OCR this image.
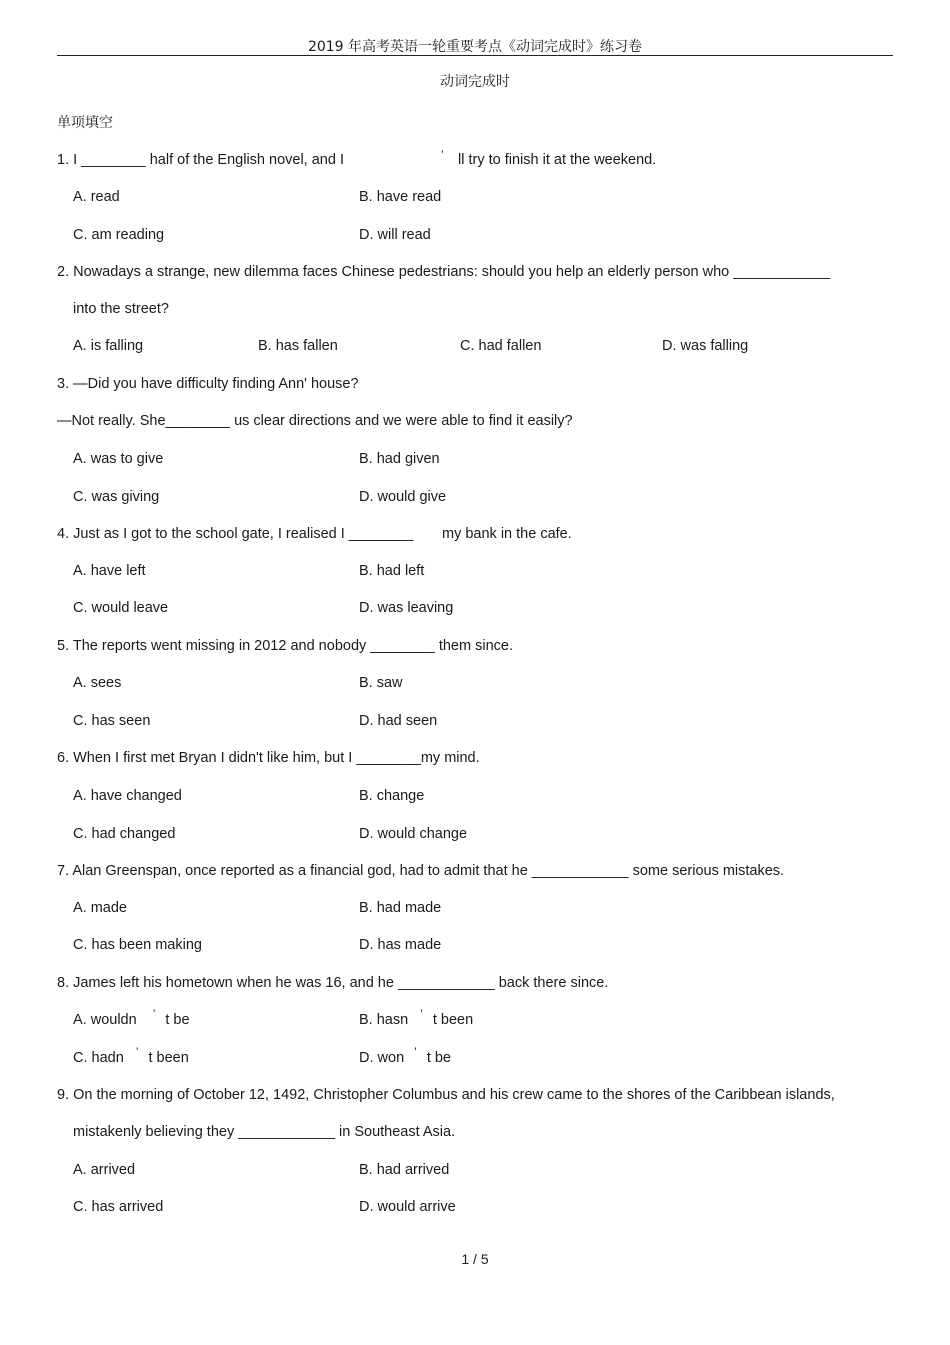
2019 年高考英语一轮重要考点《动词完成时》练习卷
动词完成时
单项填空
1. I ________ half of the English novel, and I	’ ll try to finish it at the weekend.
A. read	B. have read
C. am reading	D. will read
2. Nowadays a strange, new dilemma faces Chinese pedestrians: should you help an elderly person who ____________
into the street?
A. is falling	B. has fallen	C. had fallen	D. was falling
3. —Did you have difficulty finding Ann' house?
—Not really. She________ us clear directions and we were able to find it easily?
A. was to give	B. had given
C. was giving	D. would give
4. Just as I got to the school gate, I realised I ________ my bank in the cafe.
A. have left	B. had left
C. would leave	D. was leaving
5. The reports went missing in 2012 and nobody ________ them since.
A. sees	B. saw
C. has seen	D. had seen
6. When I first met Bryan I didn't like him, but I ________my mind.
A. have changed	B. change
C. had changed	D. would change
7. Alan Greenspan, once reported as a financial god, had to admit that he ____________ some serious mistakes.
A. made	B. had made
C. has been making	D. has made
8. James left his hometown when he was 16, and he ____________ back there since.
A. wouldn ’ t be	B. hasn ’ t been
C. hadn ’ t been	D. won ’ t be
9. On the morning of October 12, 1492, Christopher Columbus and his crew came to the shores of the Caribbean islands,
mistakenly believing they ____________ in Southeast Asia.
A. arrived	B. had arrived
C. has arrived	D. would arrive
1 / 5
